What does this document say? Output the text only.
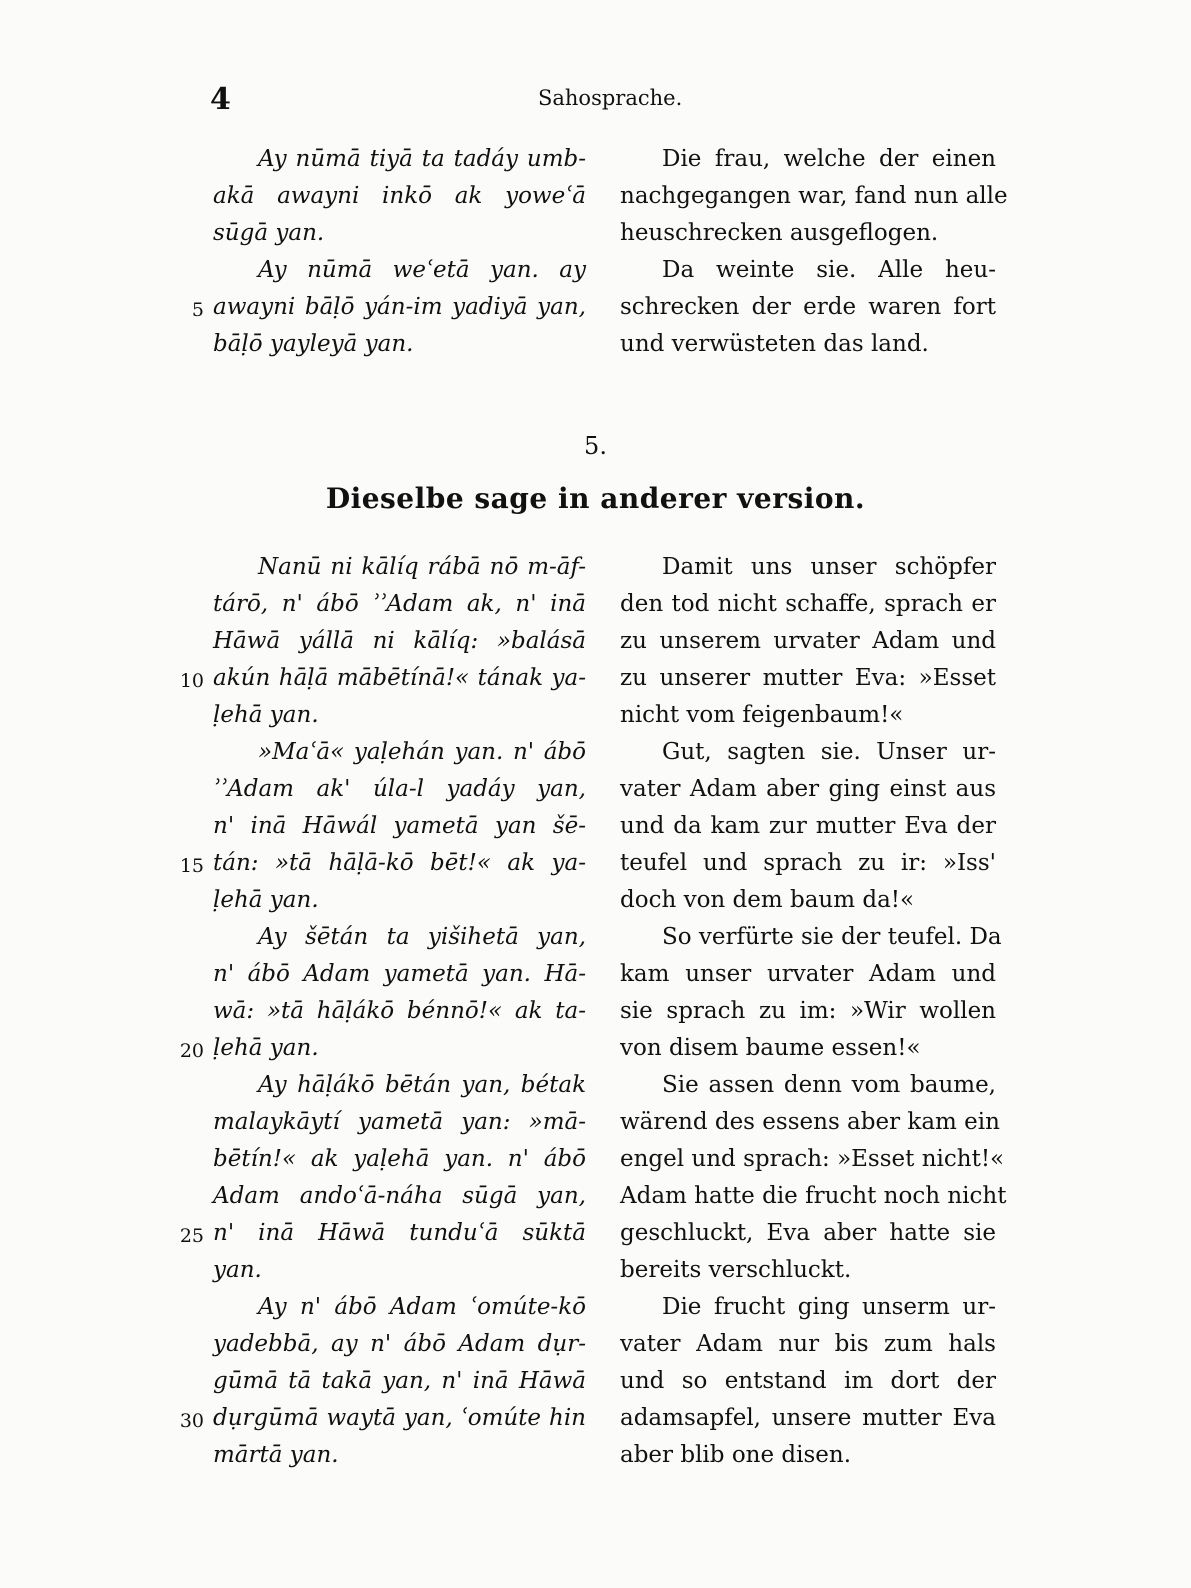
4	Sahosprache.
Ay nūmā tiyā ta tadáy umb-	Die frau, welche der einen
akā awayni inkō ak yoweʿā nachgegangen war, fand nun alle
sūgā yan.	heuschrecken ausgeflogen.
Ay nūmā weʿetā yan. ay	Da weinte sie. Alle heu-
5 awayni bāḷō yán-im yadiyā yan, schrecken der erde waren fort
bāḷō yayleyā yan.	und verwüsteten das land.
5.
Dieselbe sage in anderer version.
Nanū ni kālíq rábā nō m-āf-	Damit uns unser schöpfer
tárō, n' ábō ʾʾAdam ak, n' inā den tod nicht schaffe, sprach er
Hāwā yállā ni kālíq: »balásā zu unserem urvater Adam und
10 akún hāḷā mābētínā!« tának ya- zu unserer mutter Eva: »Esset
ḷehā yan.	nicht vom feigenbaum!«
»Maʿā« yaḷehán yan. n' ábō	Gut, sagten sie. Unser ur-
ʾʾAdam ak' úla-l yadáy yan, vater Adam aber ging einst aus
n' inā Hāwál yametā yan šē- und da kam zur mutter Eva der
15 tán: »tā hāḷā-kō bēt!« ak ya- teufel und sprach zu ir: »Iss'
ḷehā yan.	doch von dem baum da!«
Ay šētán ta yišihetā yan,	So verfürte sie der teufel. Da
n' ábō Adam yametā yan. Hā- kam unser urvater Adam und
wā: »tā hāḷákō bénnō!« ak ta- sie sprach zu im: »Wir wollen
20 ḷehā yan.	von disem baume essen!«
Ay hāḷákō bētán yan, bétak	Sie assen denn vom baume,
malaykāytí yametā yan: »mā- wärend des essens aber kam ein
bētín!« ak yaḷehā yan. n' ábō engel und sprach: »Esset nicht!«
Adam andoʿā-náha sūgā yan, Adam hatte die frucht noch nicht
25 n' inā Hāwā tunduʿā sūktā geschluckt, Eva aber hatte sie
yan.	bereits verschluckt.
Ay n' ábō Adam ʿomúte-kō	Die frucht ging unserm ur-
yadebbā, ay n' ábō Adam dụr- vater Adam nur bis zum hals
gūmā tā takā yan, n' inā Hāwā und so entstand im dort der
30 dụrgūmā waytā yan, ʿomúte hin adamsapfel, unsere mutter Eva
mārtā yan.	aber blib one disen.
